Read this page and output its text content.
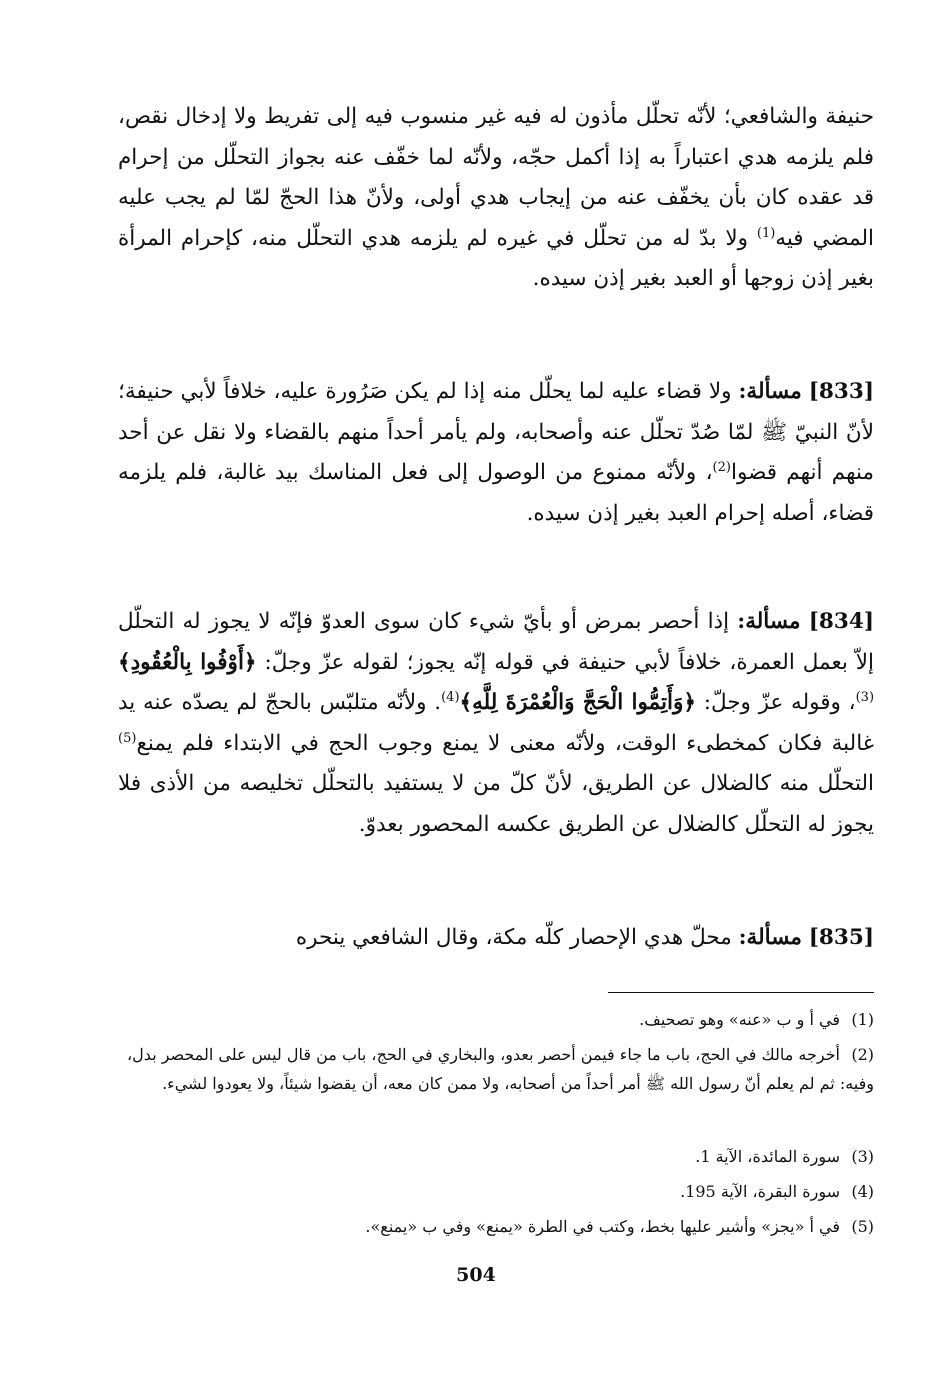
حنيفة والشافعي؛ لأنّه تحلّل مأذون له فيه غير منسوب فيه إلى تفريط ولا إدخال نقص، فلم يلزمه هدي اعتباراً به إذا أكمل حجّه، ولأنّه لما خفّف عنه بجواز التحلّل من إحرام قد عقده كان بأن يخفّف عنه من إيجاب هدي أولى، ولأنّ هذا الحجّ لمّا لم يجب عليه المضي فيه$^{(1)}$ ولا بدّ له من تحلّل في غيره لم يلزمه هدي التحلّل منه، كإحرام المرأة بغير إذن زوجها أو العبد بغير إذن سيده.

[833] مسألة: ولا قضاء عليه لما يحلّل منه إذا لم يكن صَرُورة عليه، خلافاً لأبي حنيفة؛ لأنّ النبيّ ﷺ لمّا صُدّ تحلّل عنه وأصحابه، ولم يأمر أحداً منهم بالقضاء ولا نقل عن أحد منهم أنهم قضوا$^{(2)}$، ولأنّه ممنوع من الوصول إلى فعل المناسك بيد غالبة، فلم يلزمه قضاء، أصله إحرام العبد بغير إذن سيده.

[834] مسألة: إذا أحصر بمرض أو بأيّ شيء كان سوى العدوّ فإنّه لا يجوز له التحلّل إلاّ بعمل العمرة، خلافاً لأبي حنيفة في قوله إنّه يجوز؛ لقوله عزّ وجلّ: ﴿أَوْفُوا بِالْعُقُودِ﴾$^{(3)}$، وقوله عزّ وجلّ: ﴿وَأَتِمُّوا الْحَجَّ وَالْعُمْرَةَ لِلَّهِ﴾$^{(4)}$. ولأنّه متلبّس بالحجّ لم يصدّه عنه يد غالبة فكان كمخطىء الوقت، ولأنّه معنى لا يمنع وجوب الحج في الابتداء فلم يمنع$^{(5)}$ التحلّل منه كالضلال عن الطريق، لأنّ كلّ من لا يستفيد بالتحلّل تخليصه من الأذى فلا يجوز له التحلّل كالضلال عن الطريق عكسه المحصور بعدوّ.

[835] مسألة: محلّ هدي الإحصار كلّه مكة، وقال الشافعي ينحره

(1)في أ و ب «عنه» وهو تصحيف.

(2)أخرجه مالك في الحج، باب ما جاء فيمن أحصر بعدو، والبخاري في الحج، باب من قال ليس على المحصر بدل، وفيه: ثم لم يعلم أنّ رسول الله ﷺ أمر أحداً من أصحابه، ولا ممن كان معه، أن يقضوا شيئاً، ولا يعودوا لشيء.

(3)سورة المائدة، الآية 1.

(4)سورة البقرة، الآية 195.

(5)في أ «يجز» وأشير عليها بخط، وكتب في الطرة «يمنع» وفي ب «يمنع».

504
